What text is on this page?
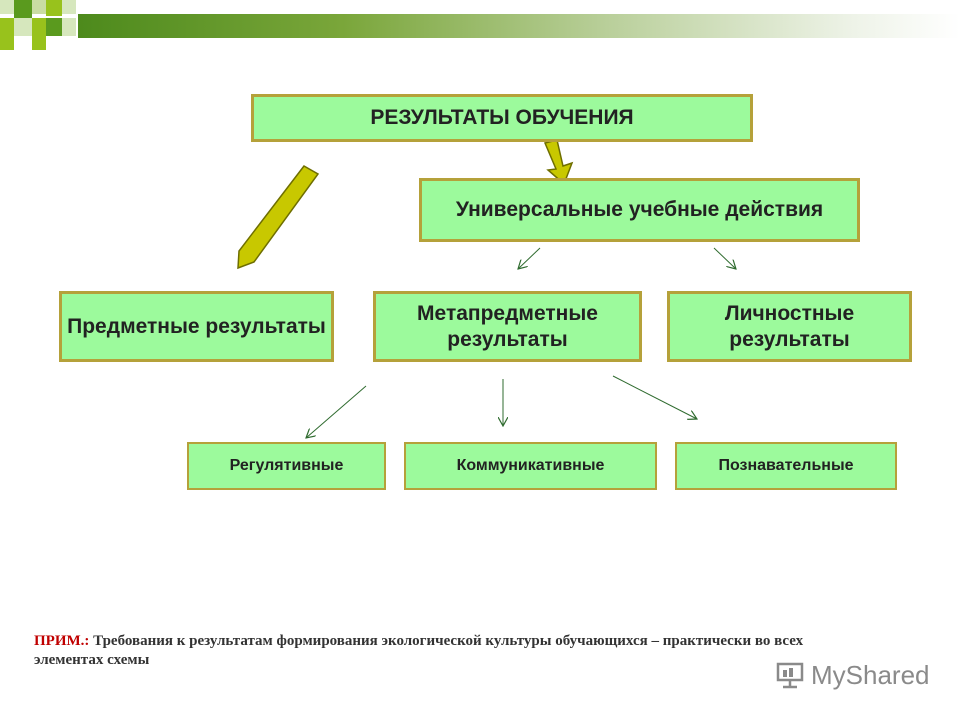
РЕЗУЛЬТАТЫ ОБУЧЕНИЯ
Универсальные учебные действия
Предметные результаты
Метапредметные результаты
Личностные результаты
Регулятивные	Коммуникативные	Познавательные
ПРИМ.: Требования к результатам формирования экологической культуры обучающихся – практически во всех элементах схемы	MyShared
